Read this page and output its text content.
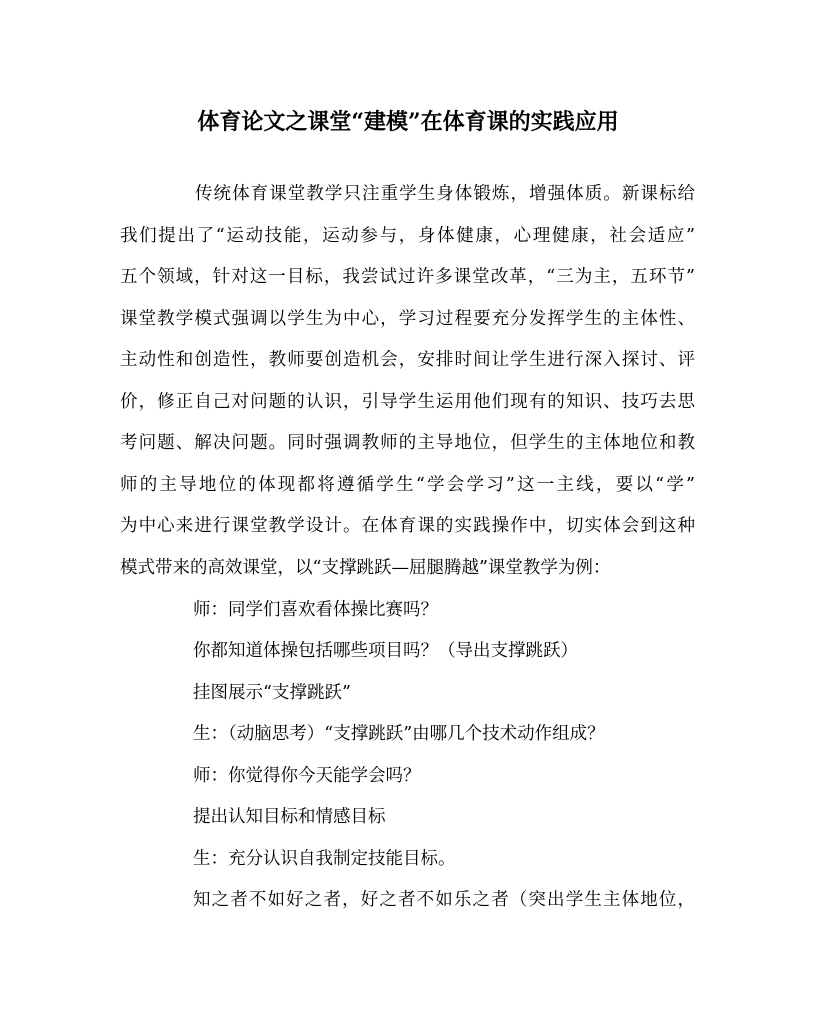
体育论文之课堂“建模”在体育课的实践应用
传统体育课堂教学只注重学生身体锻炼，增强体质。新课标给
我们提出了“运动技能，运动参与，身体健康，心理健康，社会适应”
五个领域，针对这一目标，我尝试过许多课堂改革，“三为主，五环节”
课堂教学模式强调以学生为中心，学习过程要充分发挥学生的主体性、
主动性和创造性，教师要创造机会，安排时间让学生进行深入探讨、评
价，修正自己对问题的认识，引导学生运用他们现有的知识、技巧去思
考问题、解决问题。同时强调教师的主导地位，但学生的主体地位和教
师的主导地位的体现都将遵循学生“学会学习”这一主线，要以“学”
为中心来进行课堂教学设计。在体育课的实践操作中，切实体会到这种
模式带来的高效课堂，以“支撑跳跃—屈腿腾越”课堂教学为例：
师：同学们喜欢看体操比赛吗？
你都知道体操包括哪些项目吗？（导出支撑跳跃）
挂图展示“支撑跳跃”
生：（动脑思考）“支撑跳跃”由哪几个技术动作组成？
师：你觉得你今天能学会吗？
提出认知目标和情感目标
生：充分认识自我制定技能目标。
知之者不如好之者，好之者不如乐之者（突出学生主体地位，
